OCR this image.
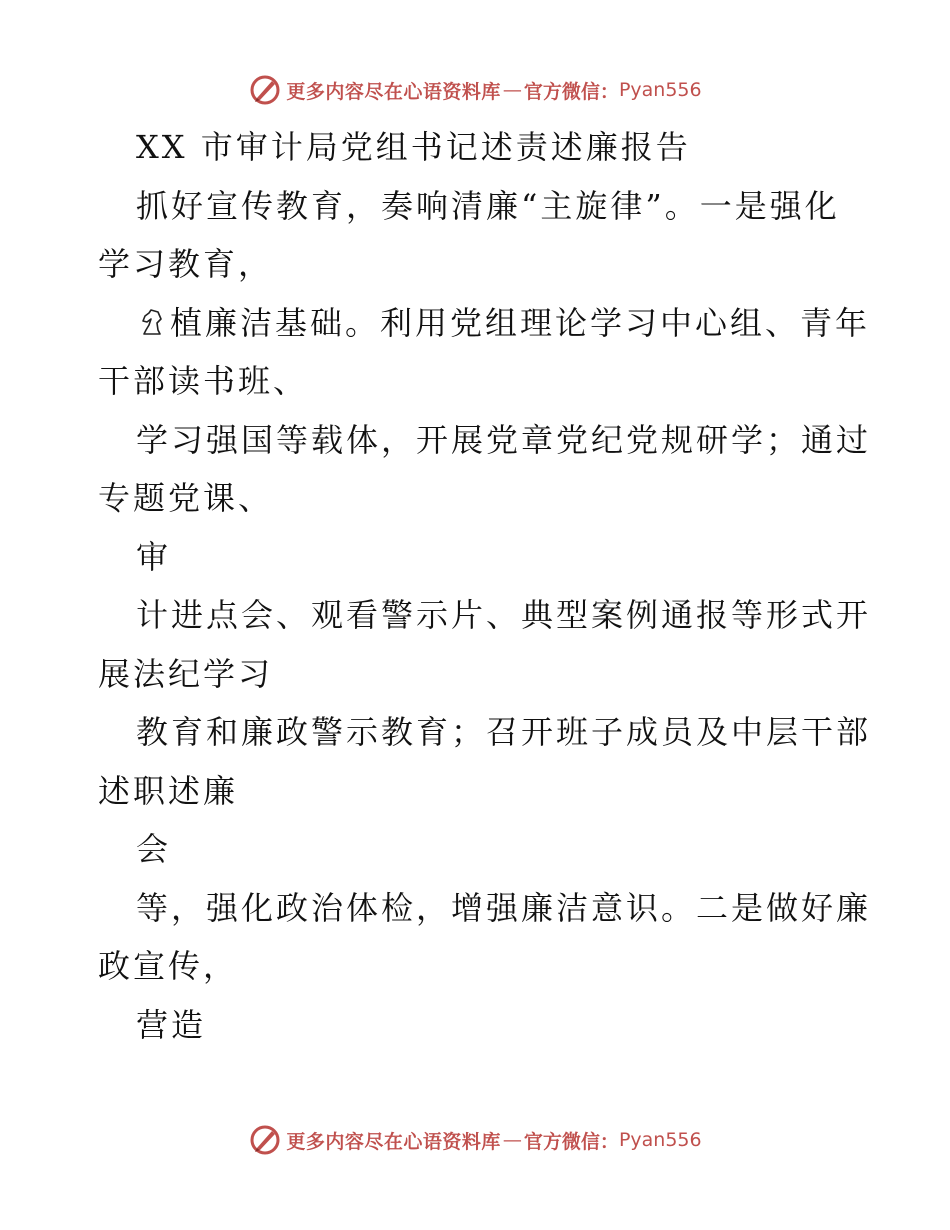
更多内容尽在心语资料库 — 官方微信： Pyan556
XX 市审计局党组书记述责述廉报告
抓好宣传教育，奏响清廉“主旋律”。一是强化
学习教育，
植廉洁基础。利用党组理论学习中心组、青年
干部读书班、
学习强国等载体，开展党章党纪党规研学；通过
专题党课、
审
计进点会、观看警示片、典型案例通报等形式开
展法纪学习
教育和廉政警示教育；召开班子成员及中层干部
述职述廉
会
等，强化政治体检，增强廉洁意识。二是做好廉
政宣传，
营造
更多内容尽在心语资料库 — 官方微信： Pyan556
